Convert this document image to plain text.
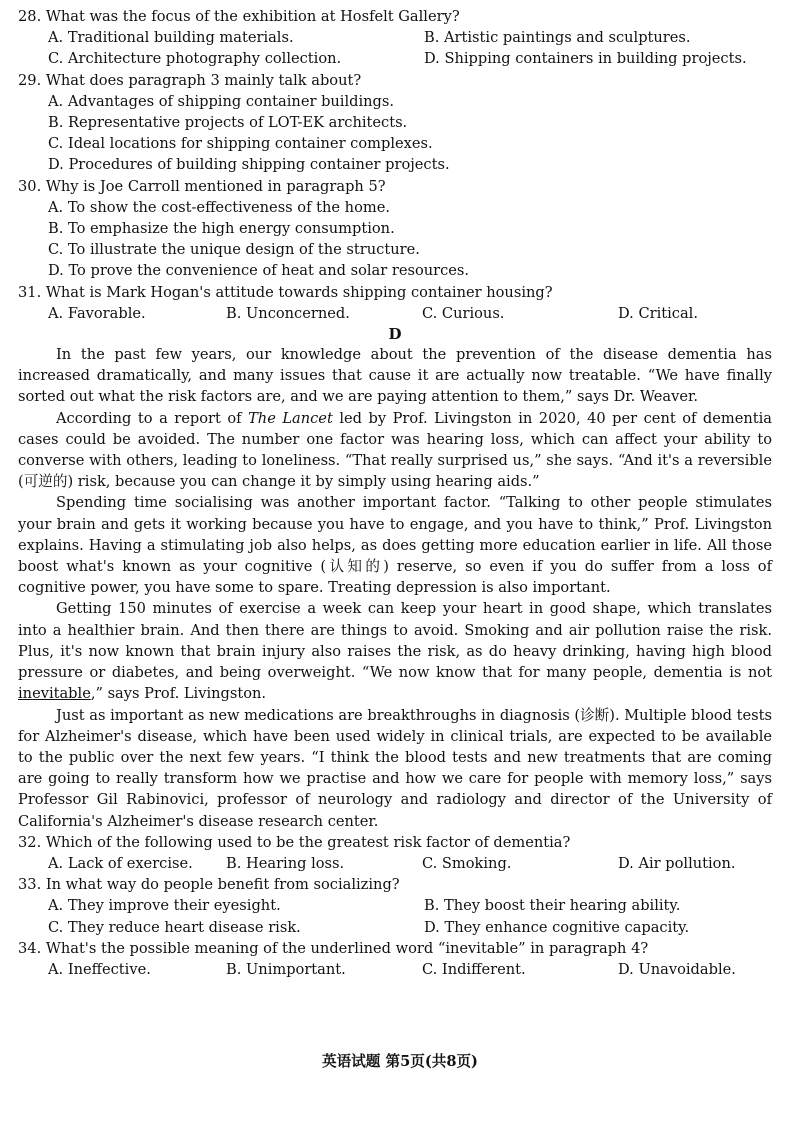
28. What was the focus of the exhibition at Hosfelt Gallery?
A. Traditional building materials.	B. Artistic paintings and sculptures.
C. Architecture photography collection.	D. Shipping containers in building projects.
29. What does paragraph 3 mainly talk about?
A. Advantages of shipping container buildings.
B. Representative projects of LOT-EK architects.
C. Ideal locations for shipping container complexes.
D. Procedures of building shipping container projects.
30. Why is Joe Carroll mentioned in paragraph 5?
A. To show the cost-effectiveness of the home.
B. To emphasize the high energy consumption.
C. To illustrate the unique design of the structure.
D. To prove the convenience of heat and solar resources.
31. What is Mark Hogan's attitude towards shipping container housing?
A. Favorable.	B. Unconcerned.	C. Curious.	D. Critical.
D

In the past few years, our knowledge about the prevention of the disease dementia has increased dramatically, and many issues that cause it are actually now treatable. “We have finally sorted out what the risk factors are, and we are paying attention to them,” says Dr. Weaver.

According to a report of The Lancet led by Prof. Livingston in 2020, 40 per cent of dementia cases could be avoided. The number one factor was hearing loss, which can affect your ability to converse with others, leading to loneliness. “That really surprised us,” she says. “And it's a reversible (可逆的) risk, because you can change it by simply using hearing aids.”

Spending time socialising was another important factor. “Talking to other people stimulates your brain and gets it working because you have to engage, and you have to think,” Prof. Livingston explains. Having a stimulating job also helps, as does getting more education earlier in life. All those boost what's known as your cognitive (认知的) reserve, so even if you do suffer from a loss of cognitive power, you have some to spare. Treating depression is also important.

Getting 150 minutes of exercise a week can keep your heart in good shape, which translates into a healthier brain. And then there are things to avoid. Smoking and air pollution raise the risk. Plus, it's now known that brain injury also raises the risk, as do heavy drinking, having high blood pressure or diabetes, and being overweight. “We now know that for many people, dementia is not inevitable,” says Prof. Livingston.

Just as important as new medications are breakthroughs in diagnosis (诊断). Multiple blood tests for Alzheimer's disease, which have been used widely in clinical trials, are expected to be available to the public over the next few years. “I think the blood tests and new treatments that are coming are going to really transform how we practise and how we care for people with memory loss,” says Professor Gil Rabinovici, professor of neurology and radiology and director of the University of California's Alzheimer's disease research center.

32. Which of the following used to be the greatest risk factor of dementia?
A. Lack of exercise.	B. Hearing loss.	C. Smoking.	D. Air pollution.
33. In what way do people benefit from socializing?
A. They improve their eyesight.	B. They boost their hearing ability.
C. They reduce heart disease risk.	D. They enhance cognitive capacity.
34. What's the possible meaning of the underlined word “inevitable” in paragraph 4?
A. Ineffective.	B. Unimportant.	C. Indifferent.	D. Unavoidable.
英语试题 第5页(共8页)
